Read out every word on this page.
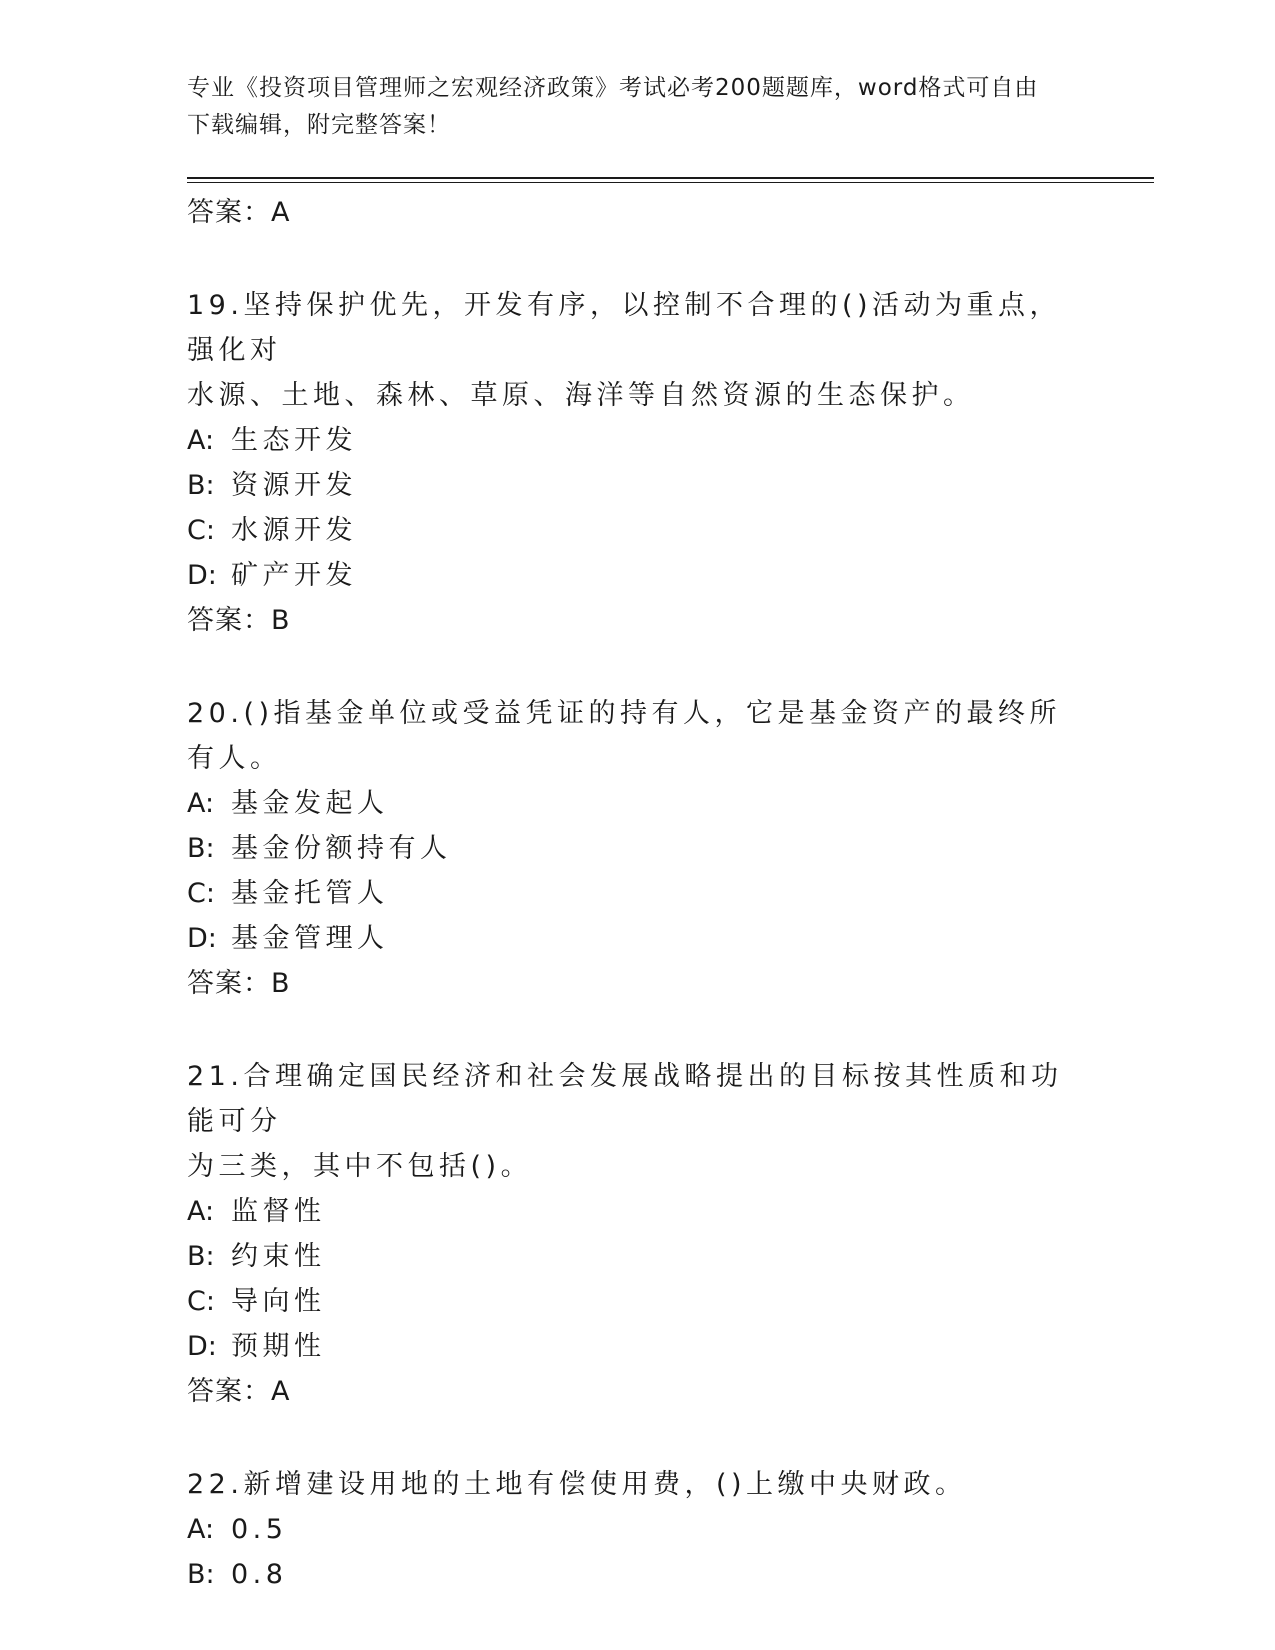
专业《投资项目管理师之宏观经济政策》考试必考200题题库，word格式可自由
下载编辑，附完整答案！
答案：A
19.坚持保护优先，开发有序，以控制不合理的()活动为重点，强化对
水源、土地、森林、草原、海洋等自然资源的生态保护。
A: 生态开发
B: 资源开发
C: 水源开发
D: 矿产开发
答案：B
20.()指基金单位或受益凭证的持有人，它是基金资产的最终所有人。
A: 基金发起人
B: 基金份额持有人
C: 基金托管人
D: 基金管理人
答案：B
21.合理确定国民经济和社会发展战略提出的目标按其性质和功能可分
为三类，其中不包括()。
A: 监督性
B: 约束性
C: 导向性
D: 预期性
答案：A
22.新增建设用地的土地有偿使用费，()上缴中央财政。
A: 0.5
B: 0.8
